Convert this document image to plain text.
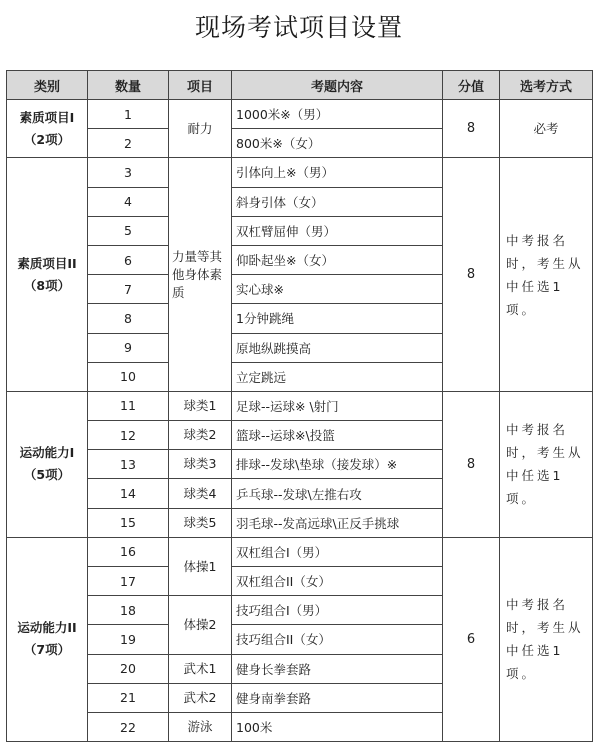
现场考试项目设置
类别	数量	项目	考题内容	分值	选考方式

素质项目I
（2项）	1	耐力	1000米※（男）	8	必考
	2		800米※（女）		

素质项目II
（8项）	3	力量等其他身体素质	引体向上※（男）	8	中考报名时，考生从中任选1项。
	4		斜身引体（女）		
	5		双杠臂屈伸（男）		
	6		仰卧起坐※（女）		
	7		实心球※		
	8		1分钟跳绳		
	9		原地纵跳摸高		
	10		立定跳远		

运动能力I
（5项）	11	球类1	足球--运球※ \射门	8	中考报名时，考生从中任选1项。
	12	球类2	篮球--运球※\投篮		
	13	球类3	排球--发球\垫球（接发球）※		
	14	球类4	乒乓球--发球\左推右攻		
	15	球类5	羽毛球--发高远球\正反手挑球		

运动能力II
（7项）	16	体操1	双杠组合I（男）	6	中考报名时，考生从中任选1项。
	17		双杠组合II（女）		
	18	体操2	技巧组合I（男）		
	19		技巧组合II（女）		
	20	武术1	健身长拳套路		
	21	武术2	健身南拳套路		
	22	游泳	100米		
